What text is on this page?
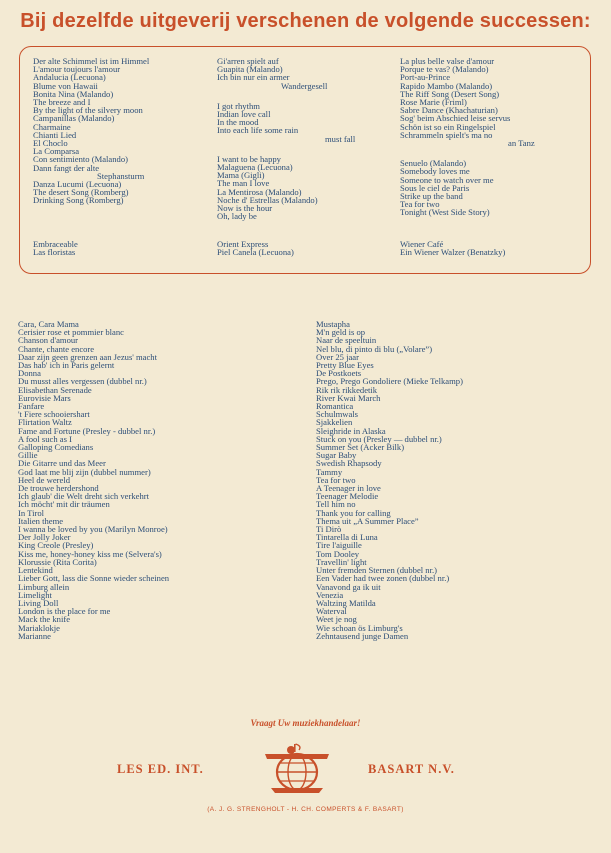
Bij dezelfde uitgeverij verschenen de volgende successen:
Der alte Schimmel ist im Himmel
L'amour toujours l'amour
Andalucia (Lecuona)
Blume von Hawaii
Bonita Nina (Malando)
The breeze and I
By the light of the silvery moon
Campanillas (Malando)
Charmaine
Chianti Lied
El Choclo
La Comparsa
Con sentimiento (Malando)
Dann fangt der alte
Stephansturm
Danza Lucumi (Lecuona)
The desert Song (Romberg)
Drinking Song (Romberg)
Gi'arren spielt auf
Guapita (Malando)
Ich bin nur ein armer
Wandergesell
I got rhythm
Indian love call
In the mood
Into each life some rain
must fall
I want to be happy
Malaguena (Lecuona)
Mama (Gigli)
The man I love
La Mentirosa (Malando)
Noche d' Estrellas (Malando)
Now is the hour
Oh, lady be
La plus belle valse d'amour
Porque te vas? (Malando)
Port-au-Prince
Rapido Mambo (Malando)
The Riff Song (Desert Song)
Rose Marie (Friml)
Sabre Dance (Khachaturian)
Sog' beim Abschied leise servus
Schön ist so ein Ringelspiel
Schrammeln spielt's ma no
an Tanz
Senuelo (Malando)
Somebody loves me
Someone to watch over me
Sous le ciel de Paris
Strike up the band
Tea for two
Tonight (West Side Story)
Embraceable
Las floristas
Orient Express
Piel Canela (Lecuona)
Wiener Café
Ein Wiener Walzer (Benatzky)
Cara, Cara Mama
Cerisier rose et pommier blanc
Chanson d'amour
Chante, chante encore
Daar zijn geen grenzen aan Jezus' macht
Das hab' ich in Paris gelernt
Donna
Du musst alles vergessen (dubbel nr.)
Elisabethan Serenade
Eurovisie Mars
Fanfare
't Fiere schooiershart
Flirtation Waltz
Fame and Fortune (Presley - dubbel nr.)
A fool such as I
Galloping Comedians
Gillie
Die Gitarre und das Meer
God laat me blij zijn (dubbel nummer)
Heel de wereld
De trouwe herdershond
Ich glaub' die Welt dreht sich verkehrt
Ich möcht' mit dir träumen
In Tirol
Italien theme
I wanna be loved by you (Marilyn Monroe)
Der Jolly Joker
King Creole (Presley)
Kiss me, honey-honey kiss me (Selvera's)
Klorussie (Rita Corita)
Lentekind
Lieber Gott, lass die Sonne wieder scheinen
Limburg allein
Limelight
Living Doll
London is the place for me
Mack the knife
Mariaklokje
Marianne
Mustapha
M'n geld is op
Naar de speeltuin
Nel blu, di pinto di blu („Volare”)
Over 25 jaar
Pretty Blue Eyes
De Postkoets
Prego, Prego Gondoliere (Mieke Telkamp)
Rik rik rikkedetik
River Kwai March
Romantica
Schulmwals
Sjakkelien
Sleighride in Alaska
Stuck on you (Presley — dubbel nr.)
Summer Set (Acker Bilk)
Sugar Baby
Swedish Rhapsody
Tammy
Tea for two
A Teenager in love
Teenager Melodie
Tell him no
Thank you for calling
Thema uit „A Summer Place”
Ti Dirò
Tintarella di Luna
Tire l'aiguille
Tom Dooley
Travellin' light
Unter fremden Sternen (dubbel nr.)
Een Vader had twee zonen (dubbel nr.)
Vanavond ga ik uit
Venezia
Waltzing Matilda
Waterval
Weet je nog
Wie schoan ös Limburg's
Zehntausend junge Damen
Vraagt Uw muziekhandelaar!
LES ED. INT.	BASART N.V.
(A. J. G. STRENGHOLT - H. CH. COMPERTS & F. BASART)
